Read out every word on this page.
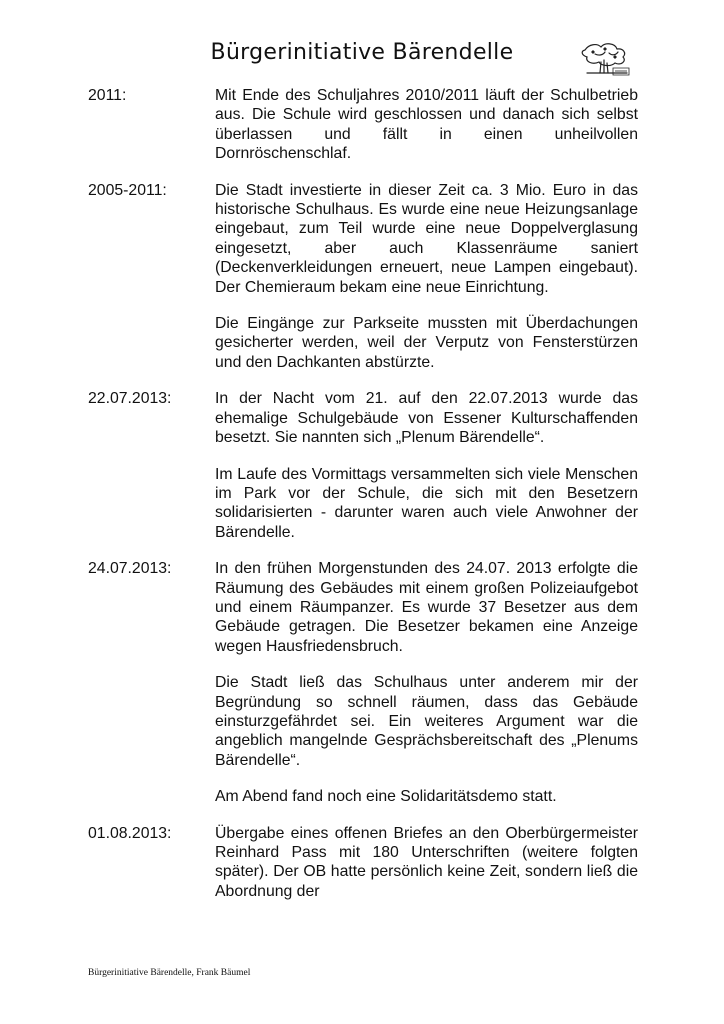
Bürgerinitiative Bärendelle
2011:	Mit Ende des Schuljahres 2010/2011 läuft der Schulbetrieb aus. Die Schule wird geschlossen und danach sich selbst überlassen und fällt in einen unheilvollen Dornröschenschlaf.

2005-2011:	Die Stadt investierte in dieser Zeit ca. 3 Mio. Euro in das historische Schulhaus. Es wurde eine neue Heizungsanlage eingebaut, zum Teil wurde eine neue Doppelverglasung eingesetzt, aber auch Klassenräume saniert (Deckenverkleidungen erneuert, neue Lampen eingebaut). Der Chemieraum bekam eine neue Einrichtung.

Die Eingänge zur Parkseite mussten mit Überdachungen gesicherter werden, weil der Verputz von Fensterstürzen und den Dachkanten abstürzte.

22.07.2013:	In der Nacht vom 21. auf den 22.07.2013 wurde das ehemalige Schulgebäude von Essener Kulturschaffenden besetzt. Sie nannten sich „Plenum Bärendelle“.

Im Laufe des Vormittags versammelten sich viele Menschen im Park vor der Schule, die sich mit den Besetzern solidarisierten - darunter waren auch viele Anwohner der Bärendelle.

24.07.2013:	In den frühen Morgenstunden des 24.07. 2013 erfolgte die Räumung des Gebäudes mit einem großen Polizeiaufgebot und einem Räumpanzer. Es wurde 37 Besetzer aus dem Gebäude getragen. Die Besetzer bekamen eine Anzeige wegen Hausfriedensbruch.

Die Stadt ließ das Schulhaus unter anderem mir der Begründung so schnell räumen, dass das Gebäude einsturzgefährdet sei. Ein weiteres Argument war die angeblich mangelnde Gesprächsbereitschaft des „Plenums Bärendelle“.

Am Abend fand noch eine Solidaritätsdemo statt.

01.08.2013:	Übergabe eines offenen Briefes an den Oberbürgermeister Reinhard Pass mit 180 Unterschriften (weitere folgten später). Der OB hatte persönlich keine Zeit, sondern ließ die Abordnung der

Bürgerinitiative Bärendelle, Frank Bäumel
